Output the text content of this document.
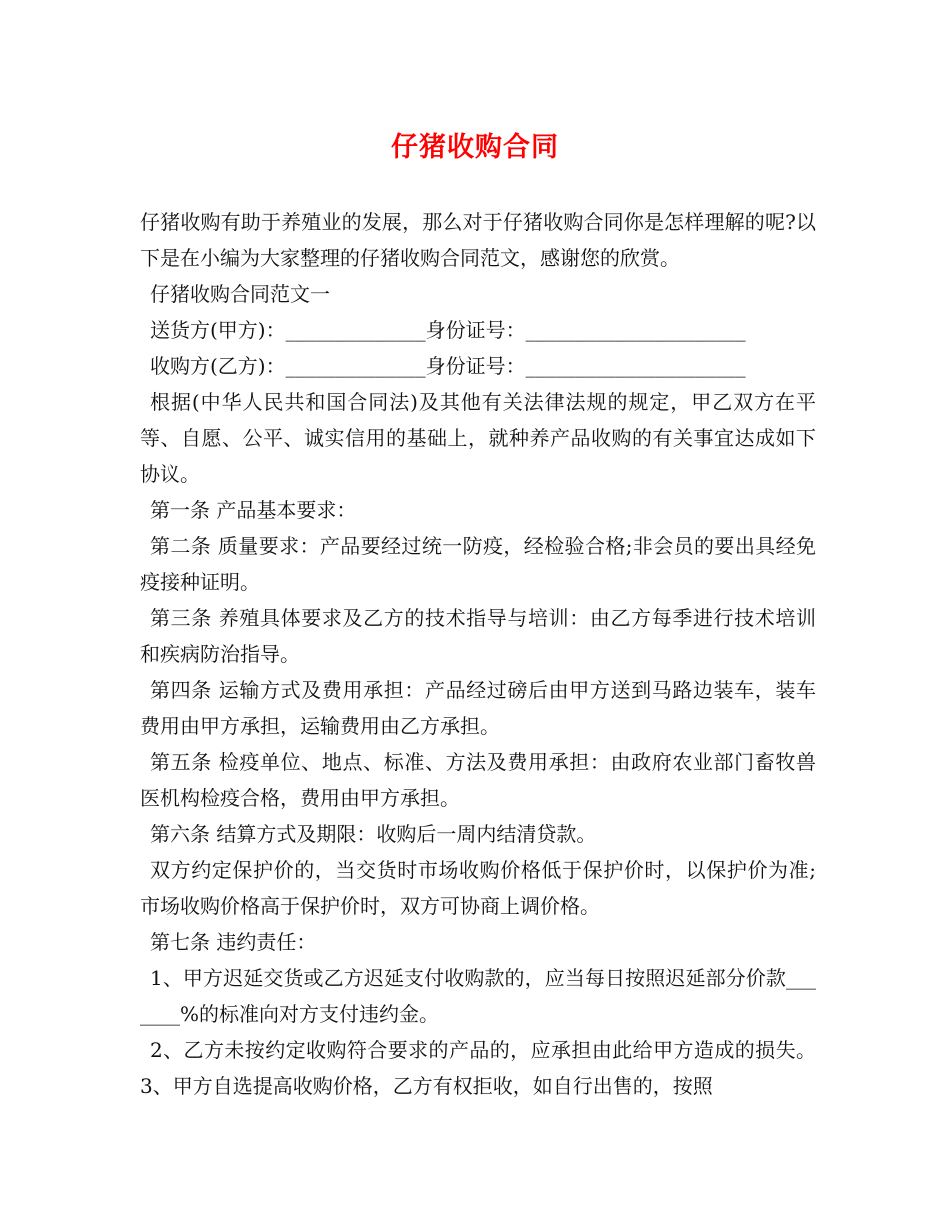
仔猪收购合同

仔猪收购有助于养殖业的发展，那么对于仔猪收购合同你是怎样理解的呢?以下是在小编为大家整理的仔猪收购合同范文，感谢您的欣赏。

仔猪收购合同范文一

送货方(甲方)：______________身份证号：______________________

收购方(乙方)：______________身份证号：______________________

根据(中华人民共和国合同法)及其他有关法律法规的规定，甲乙双方在平等、自愿、公平、诚实信用的基础上，就种养产品收购的有关事宜达成如下协议。

第一条 产品基本要求：

第二条 质量要求：产品要经过统一防疫，经检验合格;非会员的要出具经免疫接种证明。

第三条 养殖具体要求及乙方的技术指导与培训：由乙方每季进行技术培训和疾病防治指导。

第四条 运输方式及费用承担：产品经过磅后由甲方送到马路边装车，装车费用由甲方承担，运输费用由乙方承担。

第五条 检疫单位、地点、标准、方法及费用承担：由政府农业部门畜牧兽医机构检疫合格，费用由甲方承担。

第六条 结算方式及期限：收购后一周内结清贷款。

双方约定保护价的，当交货时市场收购价格低于保护价时，以保护价为准;市场收购价格高于保护价时，双方可协商上调价格。

第七条 违约责任：

1、甲方迟延交货或乙方迟延支付收购款的，应当每日按照迟延部分价款_______%的标准向对方支付违约金。

2、乙方未按约定收购符合要求的产品的，应承担由此给甲方造成的损失。 3、甲方自选提高收购价格，乙方有权拒收，如自行出售的，按照
